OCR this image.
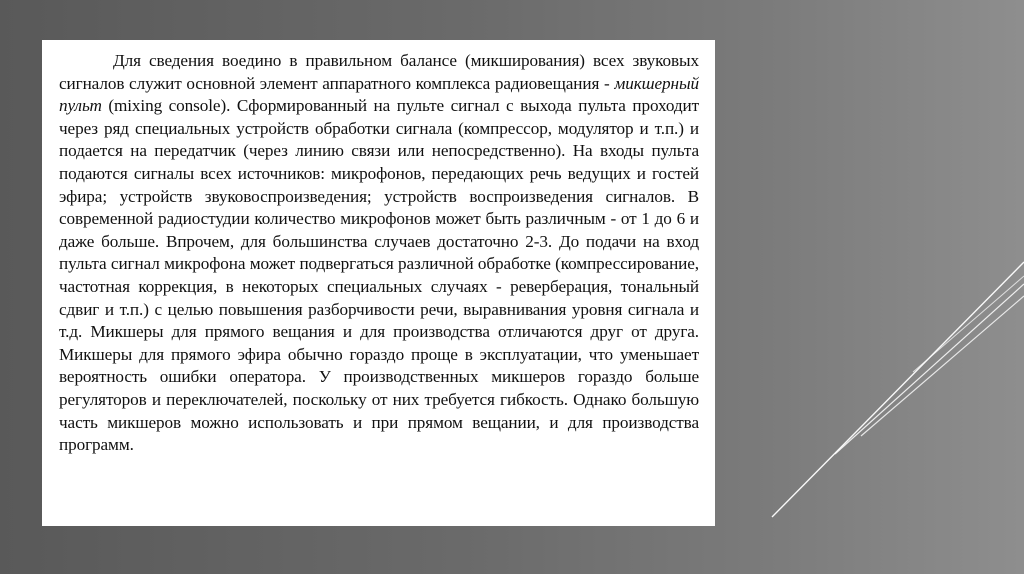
Для сведения воедино в правильном балансе (микширования) всех звуковых сигналов служит основной элемент аппаратного комплекса радиовещания - микшерный пульт (mixing console). Сформированный на пульте сигнал с выхода пульта проходит через ряд специальных устройств обработки сигнала (компрессор, модулятор и т.п.) и подается на передатчик (через линию связи или непосредственно). На входы пульта подаются сигналы всех источников: микрофонов, передающих речь ведущих и гостей эфира; устройств звуковоспроизведения; устройств воспроизведения сигналов. В современной радиостудии количество микрофонов может быть различным - от 1 до 6 и даже больше. Впрочем, для большинства случаев достаточно 2-3. До подачи на вход пульта сигнал микрофона может подвергаться различной обработке (компрессирование, частотная коррекция, в некоторых специальных случаях - реверберация, тональный сдвиг и т.п.) с целью повышения разборчивости речи, выравнивания уровня сигнала и т.д. Микшеры для прямого вещания и для производства отличаются друг от друга. Микшеры для прямого эфира обычно гораздо проще в эксплуатации, что уменьшает вероятность ошибки оператора. У производственных микшеров гораздо больше регуляторов и переключателей, поскольку от них требуется гибкость. Однако большую часть микшеров можно использовать и при прямом вещании, и для производства программ.
